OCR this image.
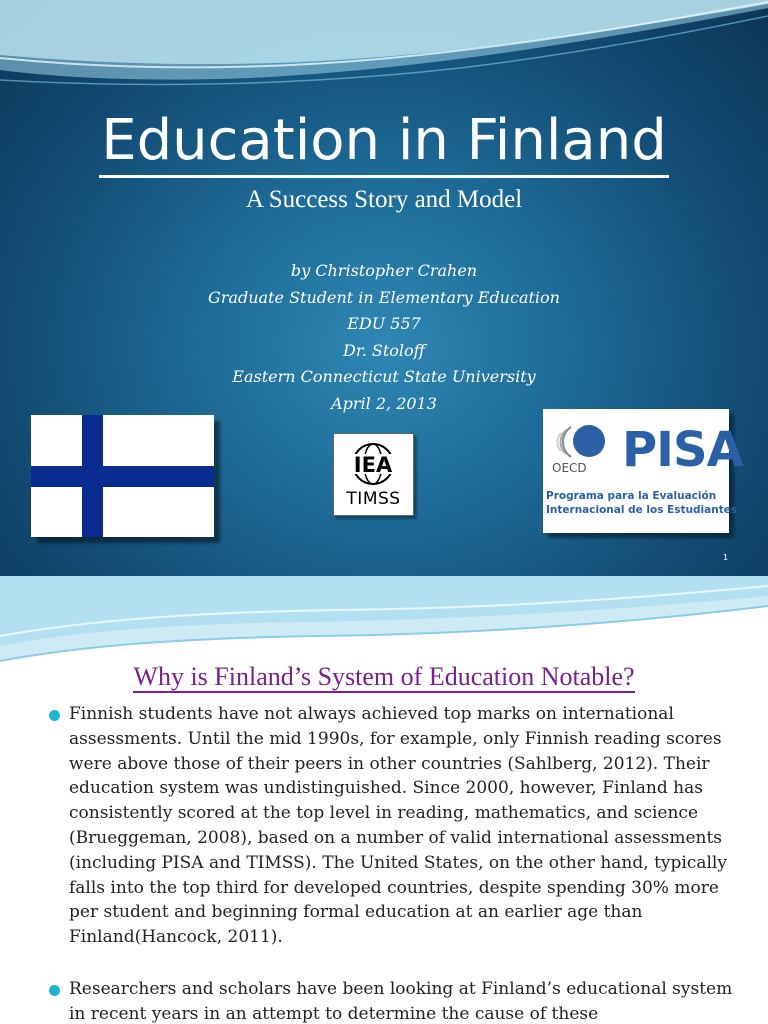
Education in Finland
A Success Story and Model
by Christopher Crahen
Graduate Student in Elementary Education
EDU 557
Dr. Stoloff
Eastern Connecticut State University
April 2, 2013
IEA
TIMSS
OECD PISA
Programa para la Evaluación
Internacional de los Estudiantes
1
Why is Finland’s System of Education Notable?
Finnish students have not always achieved top marks on international assessments. Until the mid 1990s, for example, only Finnish reading scores were above those of their peers in other countries (Sahlberg, 2012). Their education system was undistinguished. Since 2000, however, Finland has consistently scored at the top level in reading, mathematics, and science (Brueggeman, 2008), based on a number of valid international assessments (including PISA and TIMSS). The United States, on the other hand, typically falls into the top third for developed countries, despite spending 30% more per student and beginning formal education at an earlier age than Finland(Hancock, 2011).
Researchers and scholars have been looking at Finland’s educational system in recent years in an attempt to determine the cause of these
